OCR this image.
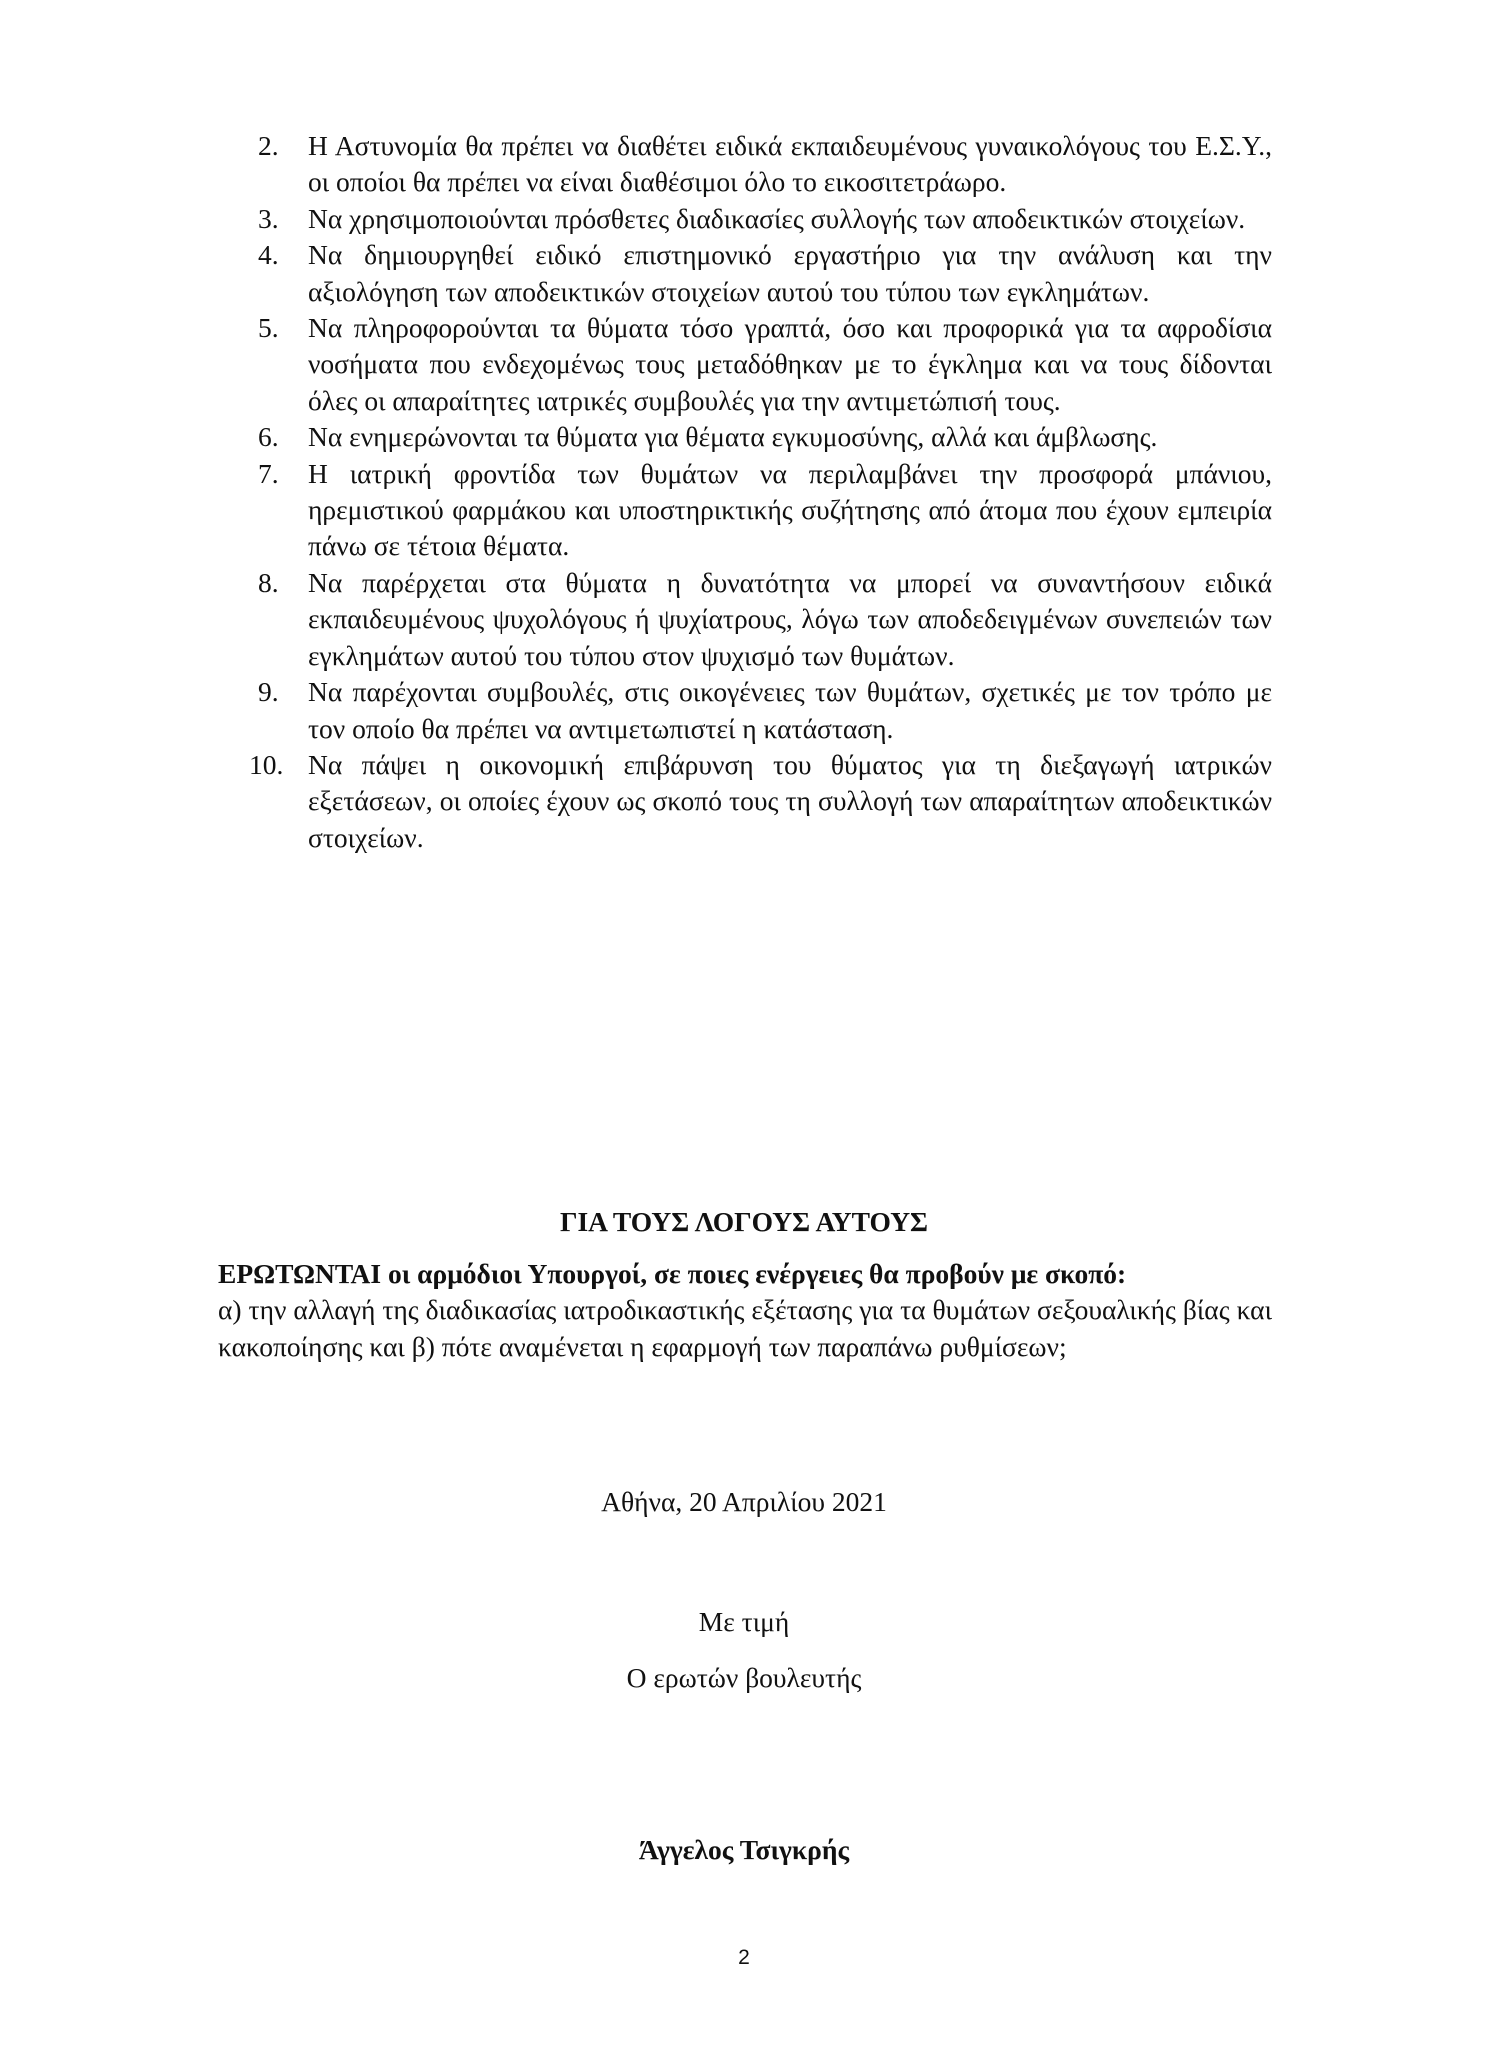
2.	Η Αστυνομία θα πρέπει να διαθέτει ειδικά εκπαιδευμένους γυναικολόγους του Ε.Σ.Υ., οι οποίοι θα πρέπει να είναι διαθέσιμοι όλο το εικοσιτετράωρο.
3.	Να χρησιμοποιούνται πρόσθετες διαδικασίες συλλογής των αποδεικτικών στοιχείων.
4.	Να δημιουργηθεί ειδικό επιστημονικό εργαστήριο για την ανάλυση και την αξιολόγηση των αποδεικτικών στοιχείων αυτού του τύπου των εγκλημάτων.
5.	Να πληροφορούνται τα θύματα τόσο γραπτά, όσο και προφορικά για τα αφροδίσια νοσήματα που ενδεχομένως τους μεταδόθηκαν με το έγκλημα και να τους δίδονται όλες οι απαραίτητες ιατρικές συμβουλές για την αντιμετώπισή τους.
6.	Να ενημερώνονται τα θύματα για θέματα εγκυμοσύνης, αλλά και άμβλωσης.
7.	Η ιατρική φροντίδα των θυμάτων να περιλαμβάνει την προσφορά μπάνιου, ηρεμιστικού φαρμάκου και υποστηρικτικής συζήτησης από άτομα που έχουν εμπειρία πάνω σε τέτοια θέματα.
8.	Να παρέρχεται στα θύματα η δυνατότητα να μπορεί να συναντήσουν ειδικά εκπαιδευμένους ψυχολόγους ή ψυχίατρους, λόγω των αποδεδειγμένων συνεπειών των εγκλημάτων αυτού του τύπου στον ψυχισμό των θυμάτων.
9.	Να παρέχονται συμβουλές, στις οικογένειες των θυμάτων, σχετικές με τον τρόπο με τον οποίο θα πρέπει να αντιμετωπιστεί η κατάσταση.
10. Να πάψει η οικονομική επιβάρυνση του θύματος για τη διεξαγωγή ιατρικών εξετάσεων, οι οποίες έχουν ως σκοπό τους τη συλλογή των απαραίτητων αποδεικτικών στοιχείων.
ΓΙΑ ΤΟΥΣ ΛΟΓΟΥΣ ΑΥΤΟΥΣ
ΕΡΩΤΩΝΤΑΙ οι αρμόδιοι Υπουργοί, σε ποιες ενέργειες θα προβούν με σκοπό:
α) την αλλαγή της διαδικασίας ιατροδικαστικής εξέτασης για τα θυμάτων σεξουαλικής βίας και κακοποίησης και β) πότε αναμένεται η εφαρμογή των παραπάνω ρυθμίσεων;
Αθήνα, 20 Απριλίου 2021
Με τιμή
Ο ερωτών βουλευτής
Άγγελος Τσιγκρής
2
